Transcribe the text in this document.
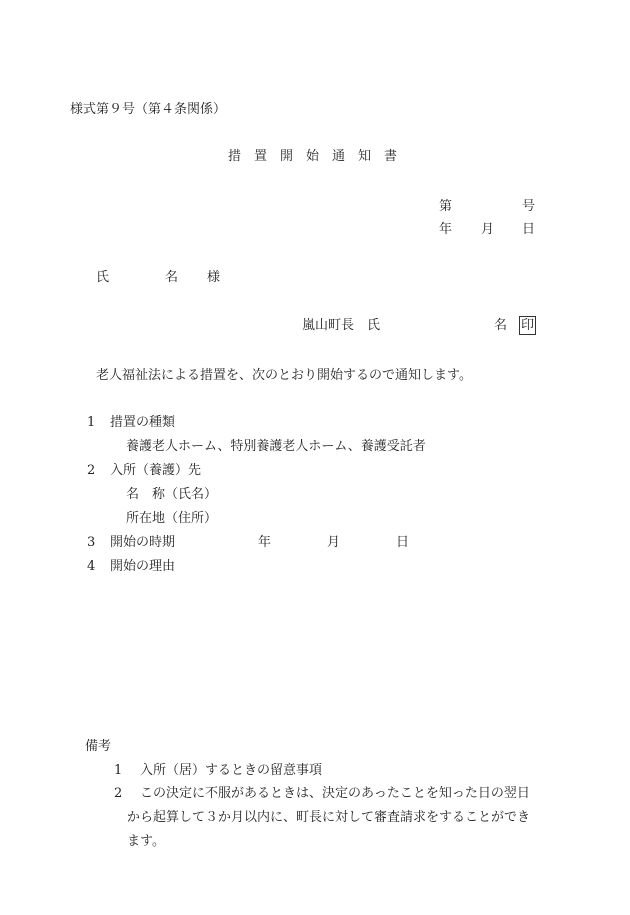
様式第９号（第４条関係）
措　置　開　始　通　知　書
第	号
年 月 日
氏	名 様
嵐山町長　氏	名 印
老人福祉法による措置を、次のとおり開始するので通知します。
1 措置の種類
養護老人ホーム、特別養護老人ホーム、養護受託者
2 入所（養護）先
名　称（氏名）
所在地（住所）
3 開始の時期	年	月	日
4 開始の理由
備考
1 入所（居）するときの留意事項
2 この決定に不服があるときは、決定のあったことを知った日の翌日
から起算して３か月以内に、町長に対して審査請求をすることができ
ます。
